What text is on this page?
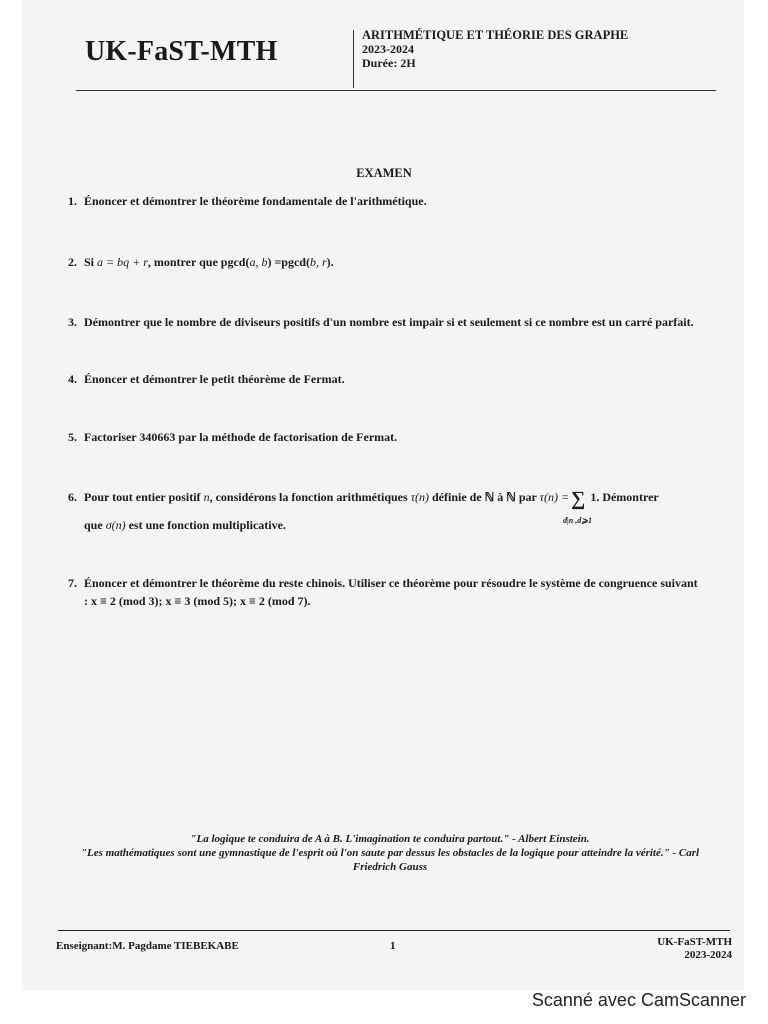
UK-FaST-MTH
ARITHMÉTIQUE ET THÉORIE DES GRAPHE
2023-2024
Durée: 2H
EXAMEN
1. Énoncer et démontrer le théorème fondamentale de l'arithmétique.
2. Si a = bq + r, montrer que pgcd(a, b) =pgcd(b, r).
3. Démontrer que le nombre de diviseurs positifs d'un nombre est impair si et seulement si ce nombre est un carré parfait.
4. Énoncer et démontrer le petit théorème de Fermat.
5. Factoriser 340663 par la méthode de factorisation de Fermat.
6. Pour tout entier positif n, considérons la fonction arithmétiques τ(n) définie de ℕ à ℕ par τ(n) = ∑
d|n ,d⩾1
1. Démontrer
que σ(n) est une fonction multiplicative.
7. Énoncer et démontrer le théorème du reste chinois. Utiliser ce théorème pour résoudre le système de congruence suivant
: x ≡ 2 (mod 3); x ≡ 3 (mod 5); x ≡ 2 (mod 7).
"La logique te conduira de A à B. L'imagination te conduira partout." - Albert Einstein.
"Les mathématiques sont une gymnastique de l'esprit où l'on saute par dessus les obstacles de la logique pour atteindre la vérité." - Carl
Friedrich Gauss
Enseignant:M. Pagdame TIEBEKABE	1	UK-FaST-MTH
2023-2024
Scanné avec CamScanner
